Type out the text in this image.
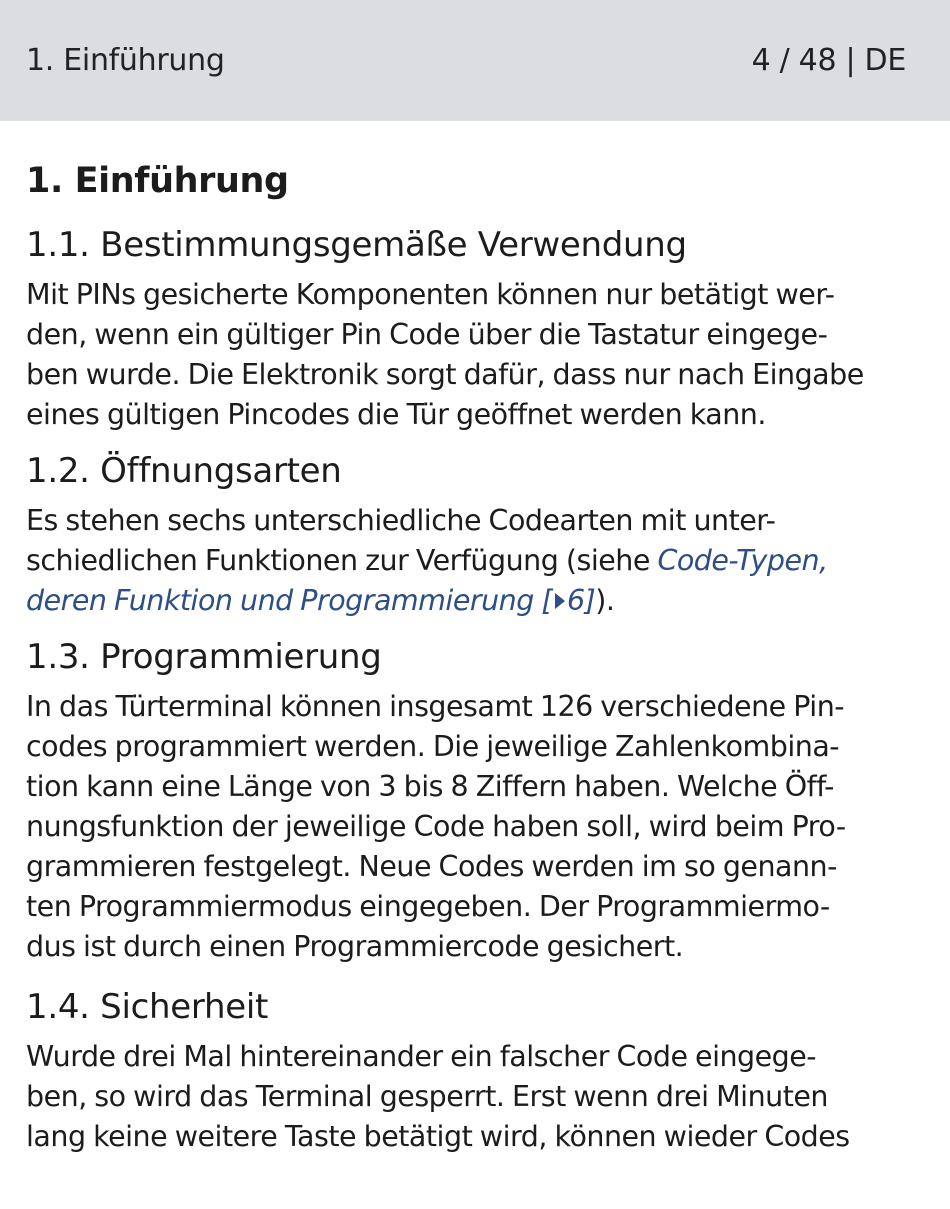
1. Einführung	4 / 48 | DE
1. Einführung
1.1. Bestimmungsgemäße Verwendung

Mit PINs gesicherte Komponenten können nur betätigt wer-
den, wenn ein gültiger Pin Code über die Tastatur eingege-
ben wurde. Die Elektronik sorgt dafür, dass nur nach Eingabe
eines gültigen Pincodes die Tür geöffnet werden kann.

1.2. Öffnungsarten

Es stehen sechs unterschiedliche Codearten mit unter-
schiedlichen Funktionen zur Verfügung (siehe Code-Typen,
deren Funktion und Programmierung [ 6]).

1.3. Programmierung

In das Türterminal können insgesamt 126 verschiedene Pin-
codes programmiert werden. Die jeweilige Zahlenkombina-
tion kann eine Länge von 3 bis 8 Ziffern haben. Welche Öff-
nungsfunktion der jeweilige Code haben soll, wird beim Pro-
grammieren festgelegt. Neue Codes werden im so genann-
ten Programmiermodus eingegeben. Der Programmiermo-
dus ist durch einen Programmiercode gesichert.

1.4. Sicherheit

Wurde drei Mal hintereinander ein falscher Code eingege-
ben, so wird das Terminal gesperrt. Erst wenn drei Minuten
lang keine weitere Taste betätigt wird, können wieder Codes
